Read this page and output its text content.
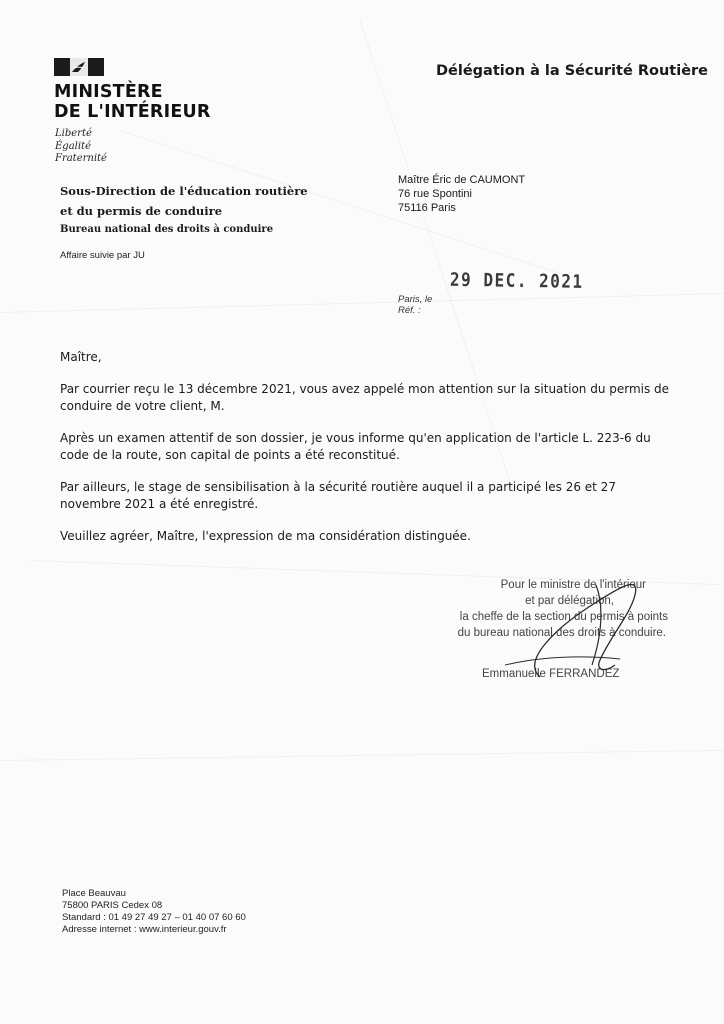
MINISTÈRE
DE L'INTÉRIEUR
Liberté
Égalité
Fraternité
Délégation à la Sécurité Routière
Sous-Direction de l'éducation routière
et du permis de conduire
Bureau national des droits à conduire
Maître Éric de CAUMONT
76 rue Spontini
75116 Paris
Affaire suivie par JU
29 DEC. 2021
Paris, le
Réf. :

Maître,

Par courrier reçu le 13 décembre 2021, vous avez appelé mon attention sur la situation du permis de conduire de votre client, M.

Après un examen attentif de son dossier, je vous informe qu'en application de l'article L. 223-6 du code de la route, son capital de points a été reconstitué.

Par ailleurs, le stage de sensibilisation à la sécurité routière auquel il a participé les 26 et 27 novembre 2021 a été enregistré.

Veuillez agréer, Maître, l'expression de ma considération distinguée.

Pour le ministre de l'intérieur
et par délégation,
la cheffe de la section du permis à points
du bureau national des droits à conduire.
Emmanuelle FERRANDEZ
Place Beauvau
75800 PARIS Cedex 08
Standard : 01 49 27 49 27 – 01 40 07 60 60
Adresse internet : www.interieur.gouv.fr
